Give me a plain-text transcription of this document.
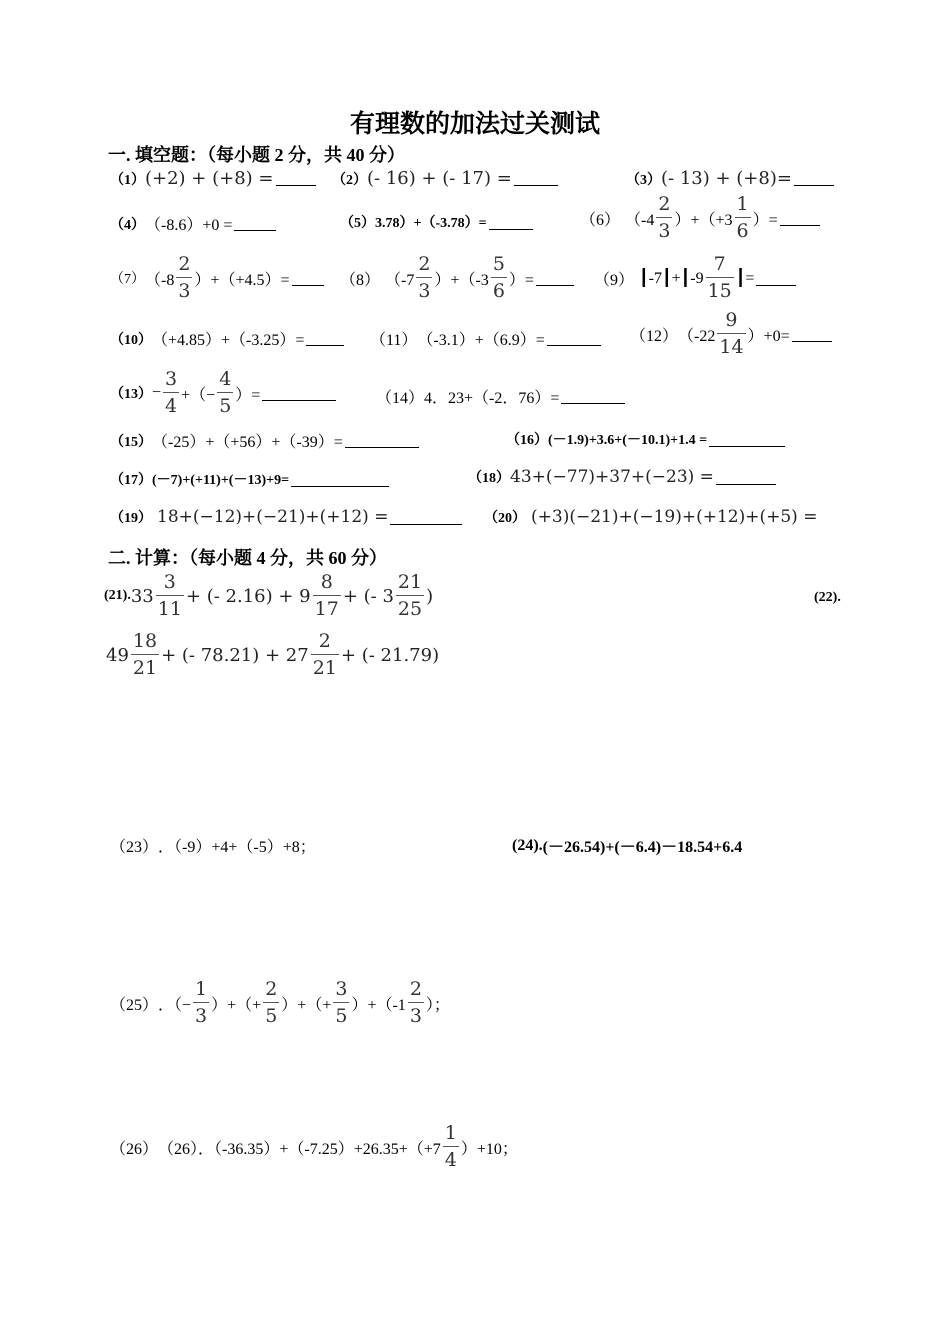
有理数的加法过关测试
一. 填空题：（每小题 2 分，共 40 分）
（1） (+2) + (+8) =	（2） (- 16) + (- 17) =	（3） (- 13) + (+8)=
（4） （-8.6）+0 =	（5） 3.78）+（-3.78）=	（6） $(-4 \frac{2}{3} )+(+3 \frac{1}{6}$ ）=
（7） $(-8 \frac{2}{3} )+(+4.5)=$	（8） $(-7 \frac{2}{3} )+(-3 \frac{5}{6}$ ）=	（9） ┃-7┃+┃-9 $\frac{7}{15}$ ┃=
（10） （+4.85）+（-3.25）=	（11） （-3.1）+（6.9）=	（12） $(-22 \frac{9}{14} )+0=$
$(13) - \frac{3}{4}$ +（− $\frac{4}{5}$ ）=	（14） 4．23+（-2．76）=
（15） （-25）+（+56）+（-39）=	（16） (－1.9)+3.6+(－10.1)+1.4 =
（17） (－7)+(+11)+(－13)+9=	（18） 43+(−77)+37+(−23) =
（19） 18+(−12)+(−21)+(+12) =	（20） (+3)(−21)+(−19)+(+12)+(+5) =
二. 计算：（每小题 4 分，共 60 分）
(21). $33 \frac{3}{11}$ + (- $2.16) + 9 \frac{8}{17}$ + (- $3 \frac{21}{25}$ )	(22).
$49 \frac{18}{21}$ + (- $78.21) + 27 \frac{2}{21}$ + (- 21.79)
（23） ．（-9）+4+（-5）+8；	(24). (－26.54)+(－6.4)－18.54+6.4
（25） ．（− $\frac{1}{3}$ ）+（+ $\frac{2}{5}$ ）+（+ $\frac{3}{5} )+(-1 \frac{2}{3}$ ）；
（26） （26）．$(-36.35)+(-7.25)+26.35+(+7 \frac{1}{4} )+10$；
